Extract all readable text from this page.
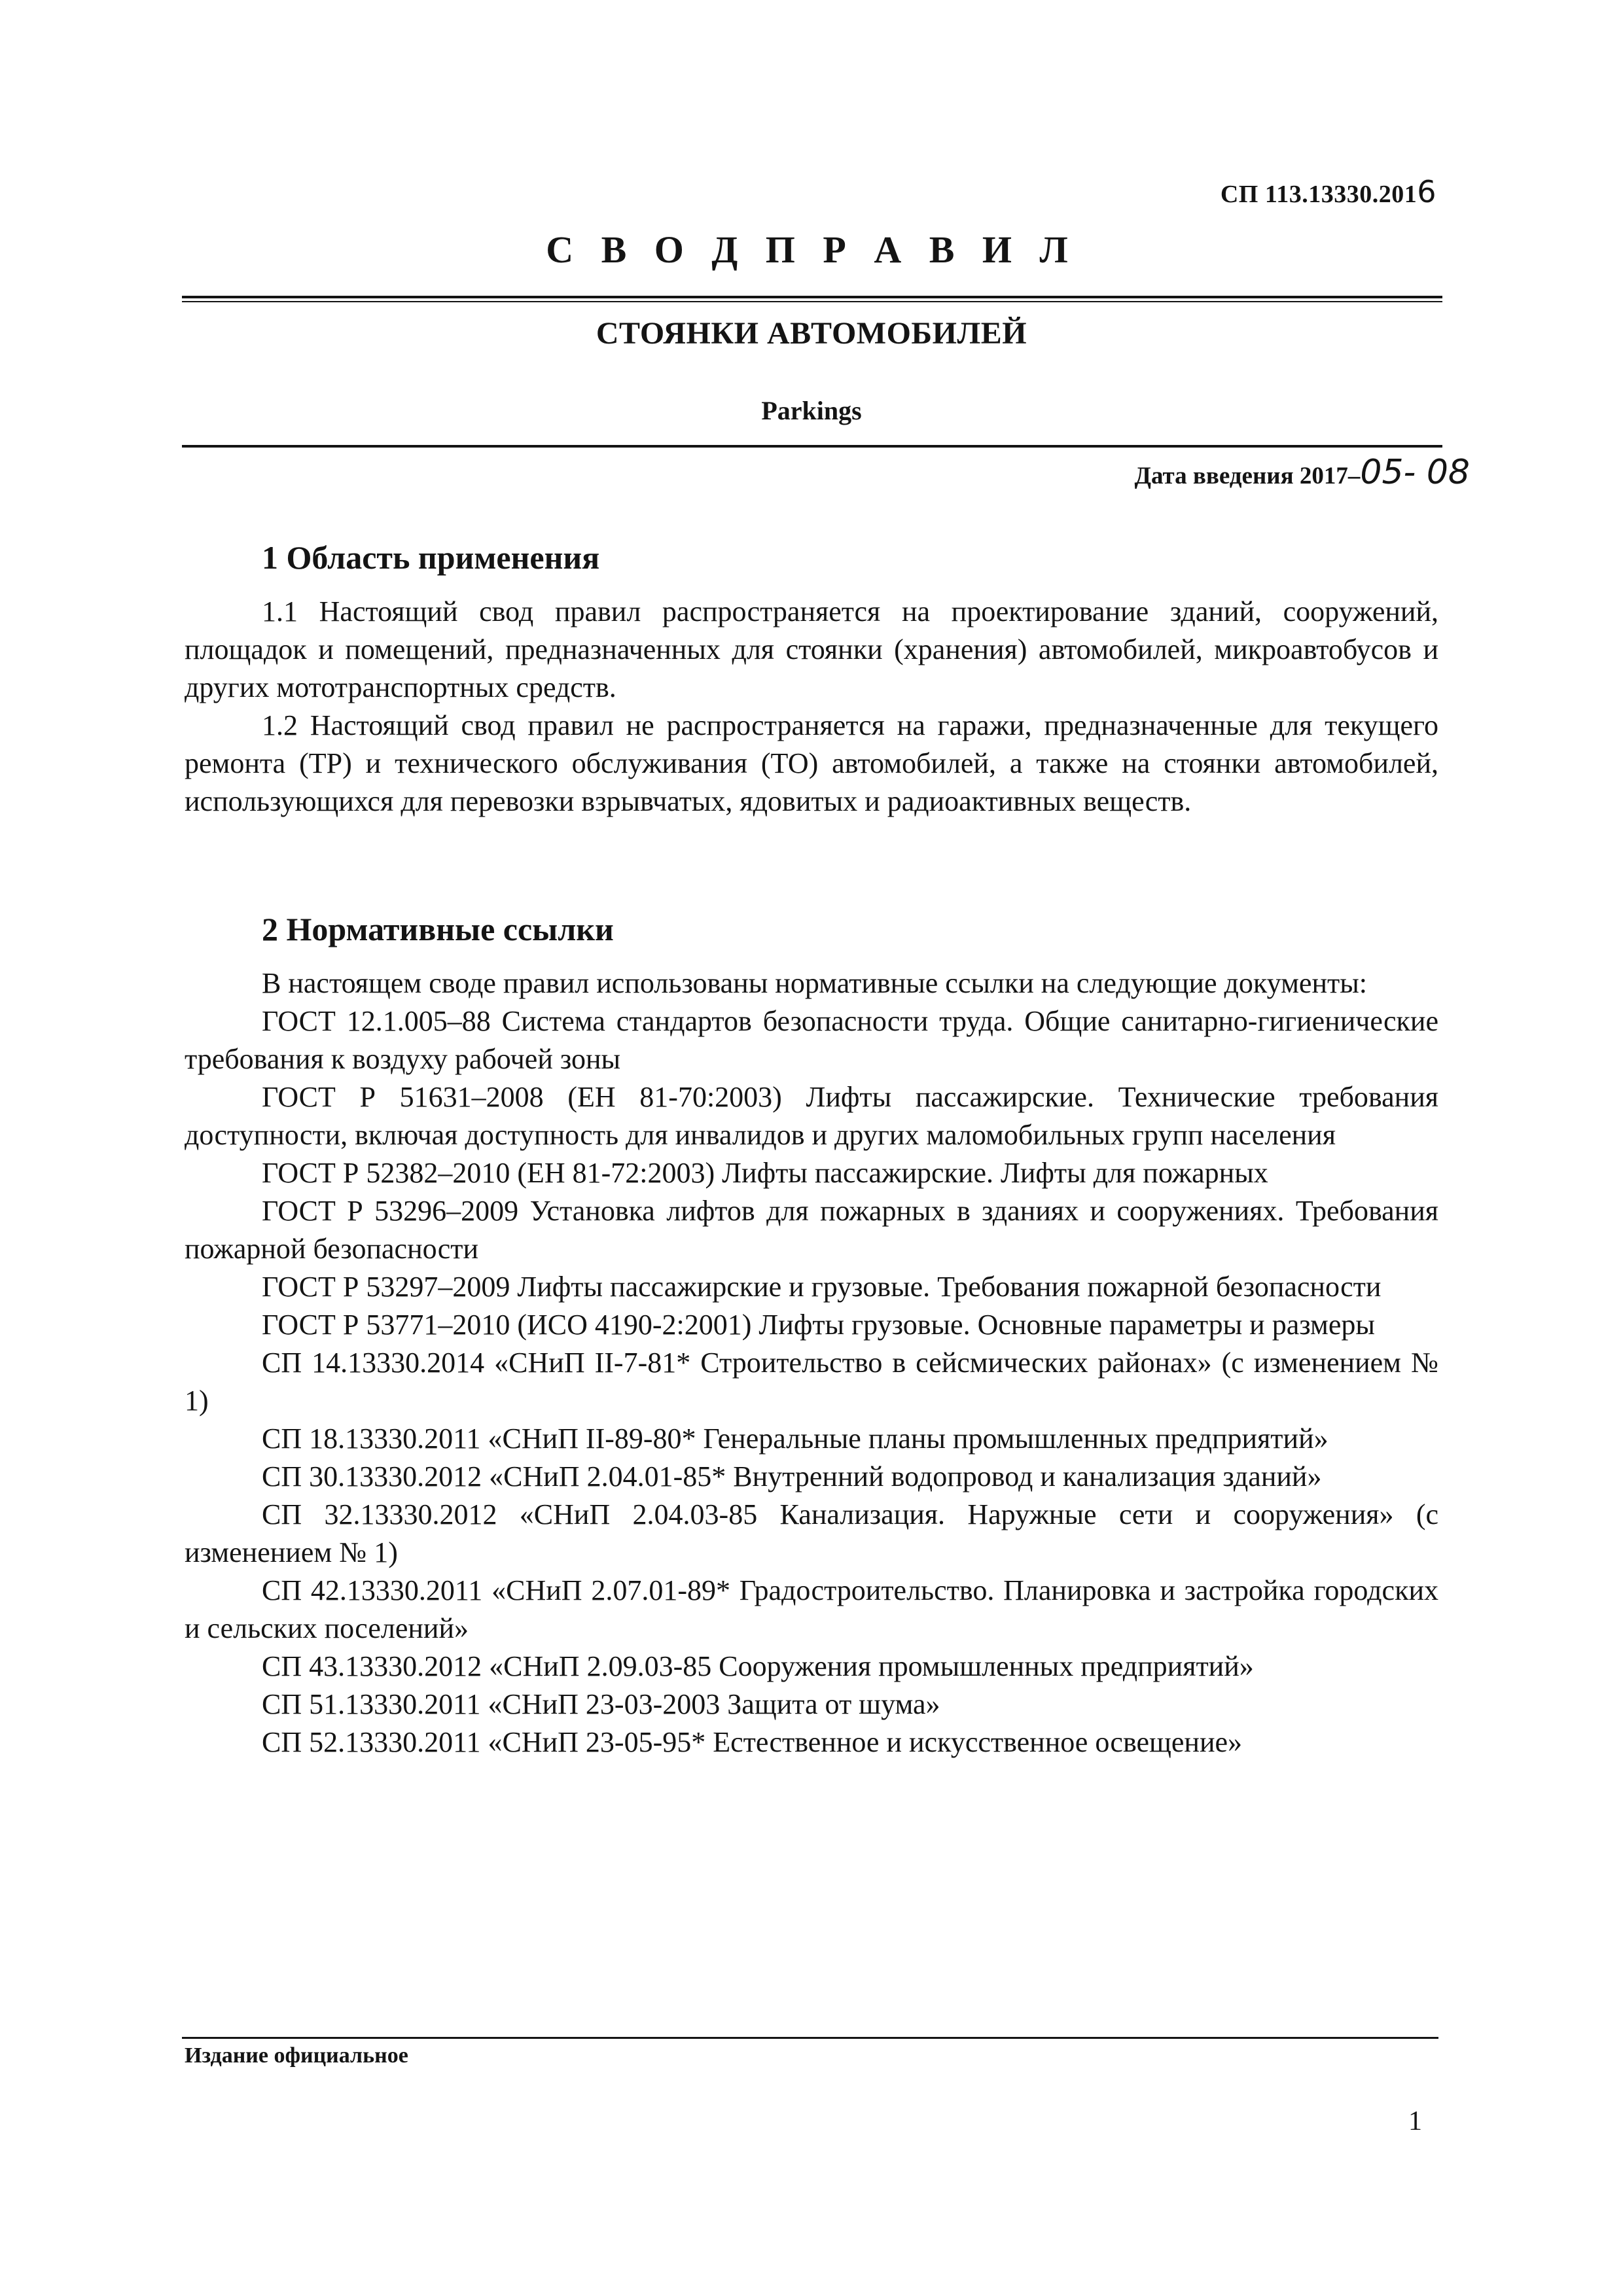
СП 113.13330.2016
С В О Д П Р А В И Л
СТОЯНКИ АВТОМОБИЛЕЙ
Parkings
Дата введения 2017–05- 08
1 Область применения

1.1 Настоящий свод правил распространяется на проектирование зданий, сооружений, площадок и помещений, предназначенных для стоянки (хранения) автомобилей, микроавтобусов и других мототранспортных средств.

1.2 Настоящий свод правил не распространяется на гаражи, предназначенные для текущего ремонта (ТР) и технического обслуживания (ТО) автомобилей, а также на стоянки автомобилей, использующихся для перевозки взрывчатых, ядовитых и радиоактивных веществ.

2 Нормативные ссылки

В настоящем своде правил использованы нормативные ссылки на следующие документы:

ГОСТ 12.1.005–88 Система стандартов безопасности труда. Общие санитарно-гигиенические требования к воздуху рабочей зоны

ГОСТ Р 51631–2008 (ЕН 81-70:2003) Лифты пассажирские. Технические требования доступности, включая доступность для инвалидов и других маломобильных групп населения

ГОСТ Р 52382–2010 (ЕН 81-72:2003) Лифты пассажирские. Лифты для пожарных

ГОСТ Р 53296–2009 Установка лифтов для пожарных в зданиях и сооружениях. Требования пожарной безопасности

ГОСТ Р 53297–2009 Лифты пассажирские и грузовые. Требования пожарной безопасности

ГОСТ Р 53771–2010 (ИСО 4190-2:2001) Лифты грузовые. Основные параметры и размеры

СП 14.13330.2014 «СНиП II-7-81* Строительство в сейсмических районах» (с изменением № 1)

СП 18.13330.2011 «СНиП II-89-80* Генеральные планы промышленных предприятий»

СП 30.13330.2012 «СНиП 2.04.01-85* Внутренний водопровод и канализация зданий»

СП 32.13330.2012 «СНиП 2.04.03-85 Канализация. Наружные сети и сооружения» (с изменением № 1)

СП 42.13330.2011 «СНиП 2.07.01-89* Градостроительство. Планировка и застройка городских и сельских поселений»

СП 43.13330.2012 «СНиП 2.09.03-85 Сооружения промышленных предприятий»

СП 51.13330.2011 «СНиП 23-03-2003 Защита от шума»

СП 52.13330.2011 «СНиП 23-05-95* Естественное и искусственное освещение»

Издание официальное
1
